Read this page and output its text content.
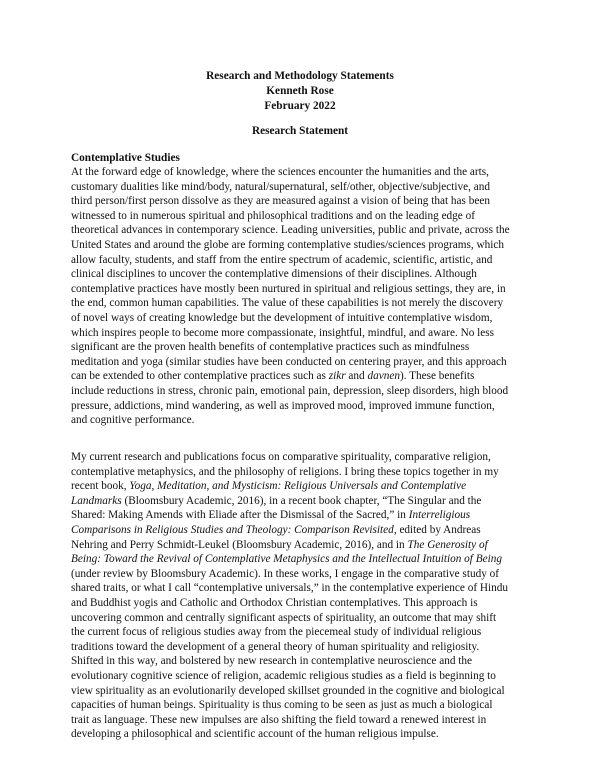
Research and Methodology Statements
Kenneth Rose
February 2022
Research Statement
Contemplative Studies
At the forward edge of knowledge, where the sciences encounter the humanities and the arts,
customary dualities like mind/body, natural/supernatural, self/other, objective/subjective, and
third person/first person dissolve as they are measured against a vision of being that has been
witnessed to in numerous spiritual and philosophical traditions and on the leading edge of
theoretical advances in contemporary science. Leading universities, public and private, across the
United States and around the globe are forming contemplative studies/sciences programs, which
allow faculty, students, and staff from the entire spectrum of academic, scientific, artistic, and
clinical disciplines to uncover the contemplative dimensions of their disciplines. Although
contemplative practices have mostly been nurtured in spiritual and religious settings, they are, in
the end, common human capabilities. The value of these capabilities is not merely the discovery
of novel ways of creating knowledge but the development of intuitive contemplative wisdom,
which inspires people to become more compassionate, insightful, mindful, and aware. No less
significant are the proven health benefits of contemplative practices such as mindfulness
meditation and yoga (similar studies have been conducted on centering prayer, and this approach
can be extended to other contemplative practices such as zikr and davnen). These benefits
include reductions in stress, chronic pain, emotional pain, depression, sleep disorders, high blood
pressure, addictions, mind wandering, as well as improved mood, improved immune function,
and cognitive performance.
My current research and publications focus on comparative spirituality, comparative religion,
contemplative metaphysics, and the philosophy of religions. I bring these topics together in my
recent book, Yoga, Meditation, and Mysticism: Religious Universals and Contemplative
Landmarks (Bloomsbury Academic, 2016), in a recent book chapter, “The Singular and the
Shared: Making Amends with Eliade after the Dismissal of the Sacred,” in Interreligious
Comparisons in Religious Studies and Theology: Comparison Revisited, edited by Andreas
Nehring and Perry Schmidt-Leukel (Bloomsbury Academic, 2016), and in The Generosity of
Being: Toward the Revival of Contemplative Metaphysics and the Intellectual Intuition of Being
(under review by Bloomsbury Academic). In these works, I engage in the comparative study of
shared traits, or what I call “contemplative universals,” in the contemplative experience of Hindu
and Buddhist yogis and Catholic and Orthodox Christian contemplatives. This approach is
uncovering common and centrally significant aspects of spirituality, an outcome that may shift
the current focus of religious studies away from the piecemeal study of individual religious
traditions toward the development of a general theory of human spirituality and religiosity.
Shifted in this way, and bolstered by new research in contemplative neuroscience and the
evolutionary cognitive science of religion, academic religious studies as a field is beginning to
view spirituality as an evolutionarily developed skillset grounded in the cognitive and biological
capacities of human beings. Spirituality is thus coming to be seen as just as much a biological
trait as language. These new impulses are also shifting the field toward a renewed interest in
developing a philosophical and scientific account of the human religious impulse.
